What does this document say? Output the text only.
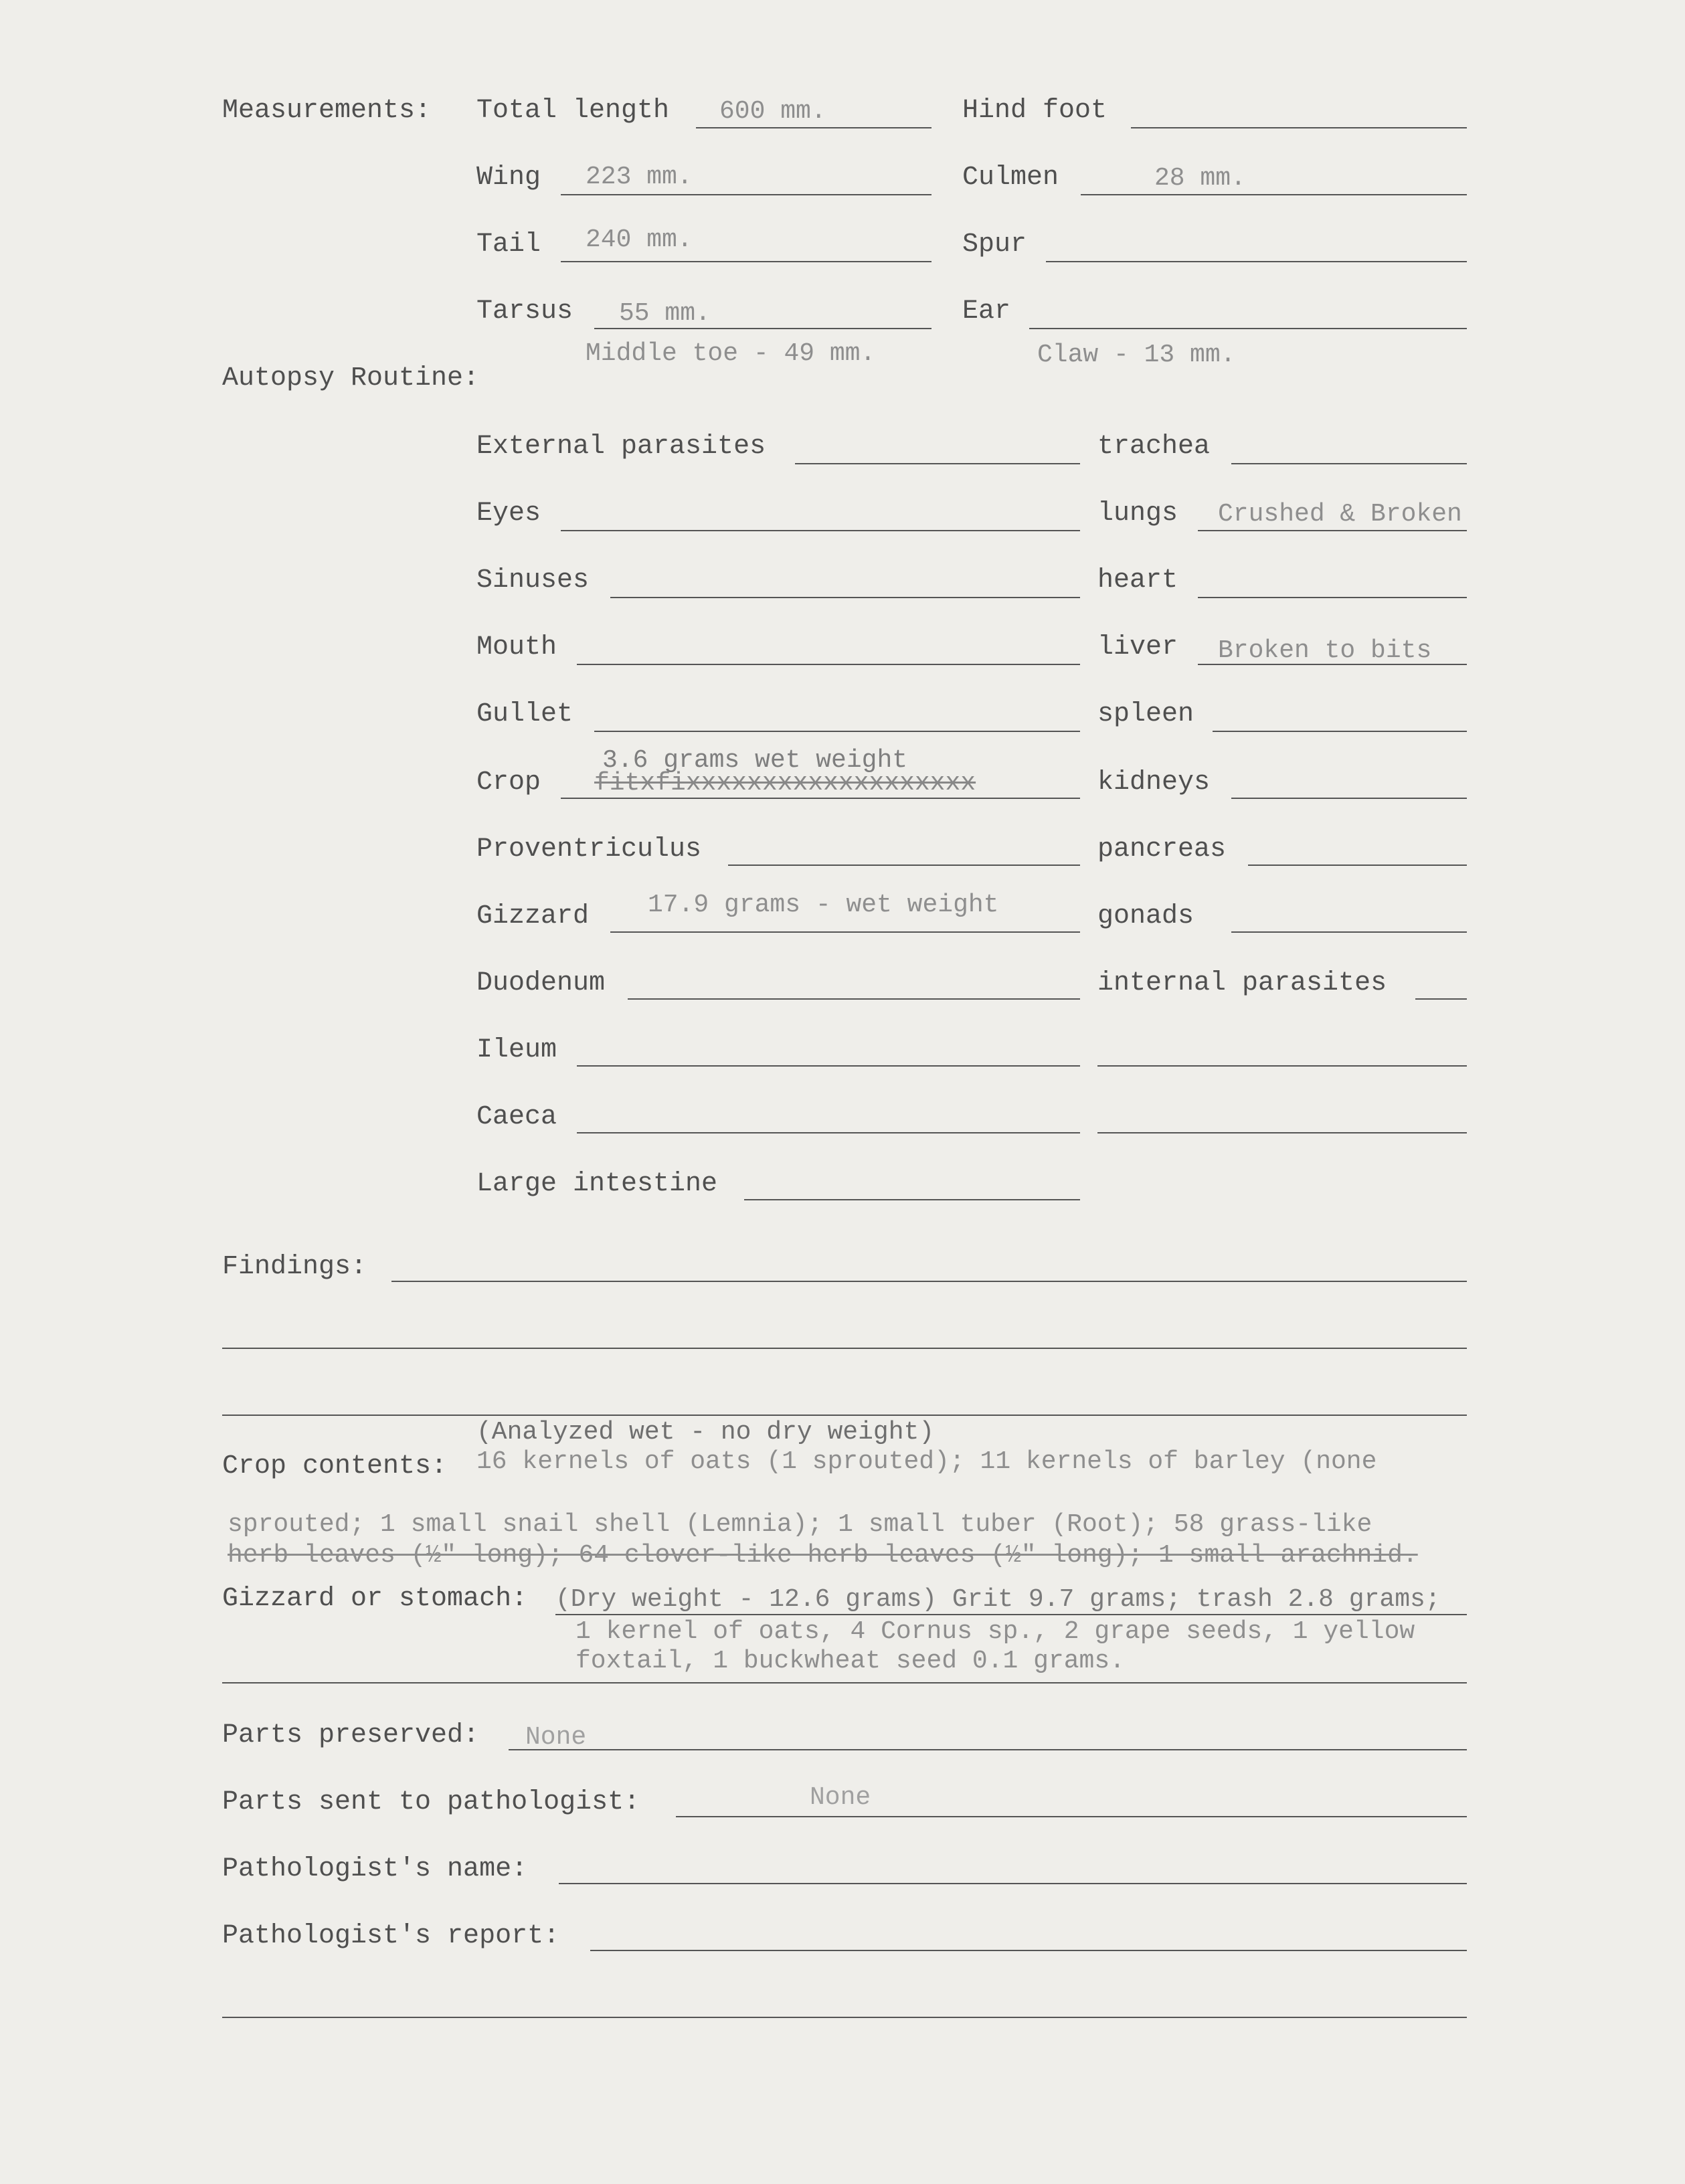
Measurements: Total length 600 mm.	Hind foot
Wing 223 mm.	Culmen	28 mm.
Tail 240 mm.	Spur
Tarsus 55 mm.	Ear
Middle toe - 49 mm.	Claw - 13 mm.
Autopsy Routine:
External parasites	trachea
Eyes	lungs Crushed & Broken
Sinuses	heart
Mouth	liver Broken to bits
Gullet	spleen
3.6 grams wet weight
Crop fitxfixxxxxxxxxxxxxxxxxxx	kidneys
Proventriculus	pancreas
Gizzard 17.9 grams - wet weight	gonads
Duodenum	internal parasites
Ileum
Caeca
Large intestine
Findings:
(Analyzed wet - no dry weight)
Crop contents: 16 kernels of oats (1 sprouted); 11 kernels of barley (none
sprouted; 1 small snail shell (Lemnia); 1 small tuber (Root); 58 grass-like
herb leaves (½" long); 64 clover-like herb leaves (½" long); 1 small arachnid.
Gizzard or stomach: (Dry weight - 12.6 grams) Grit 9.7 grams; trash 2.8 grams;
1 kernel of oats, 4 Cornus sp., 2 grape seeds, 1 yellow
foxtail, 1 buckwheat seed 0.1 grams.
Parts preserved: None
Parts sent to pathologist:	None
Pathologist's name:
Pathologist's report:
